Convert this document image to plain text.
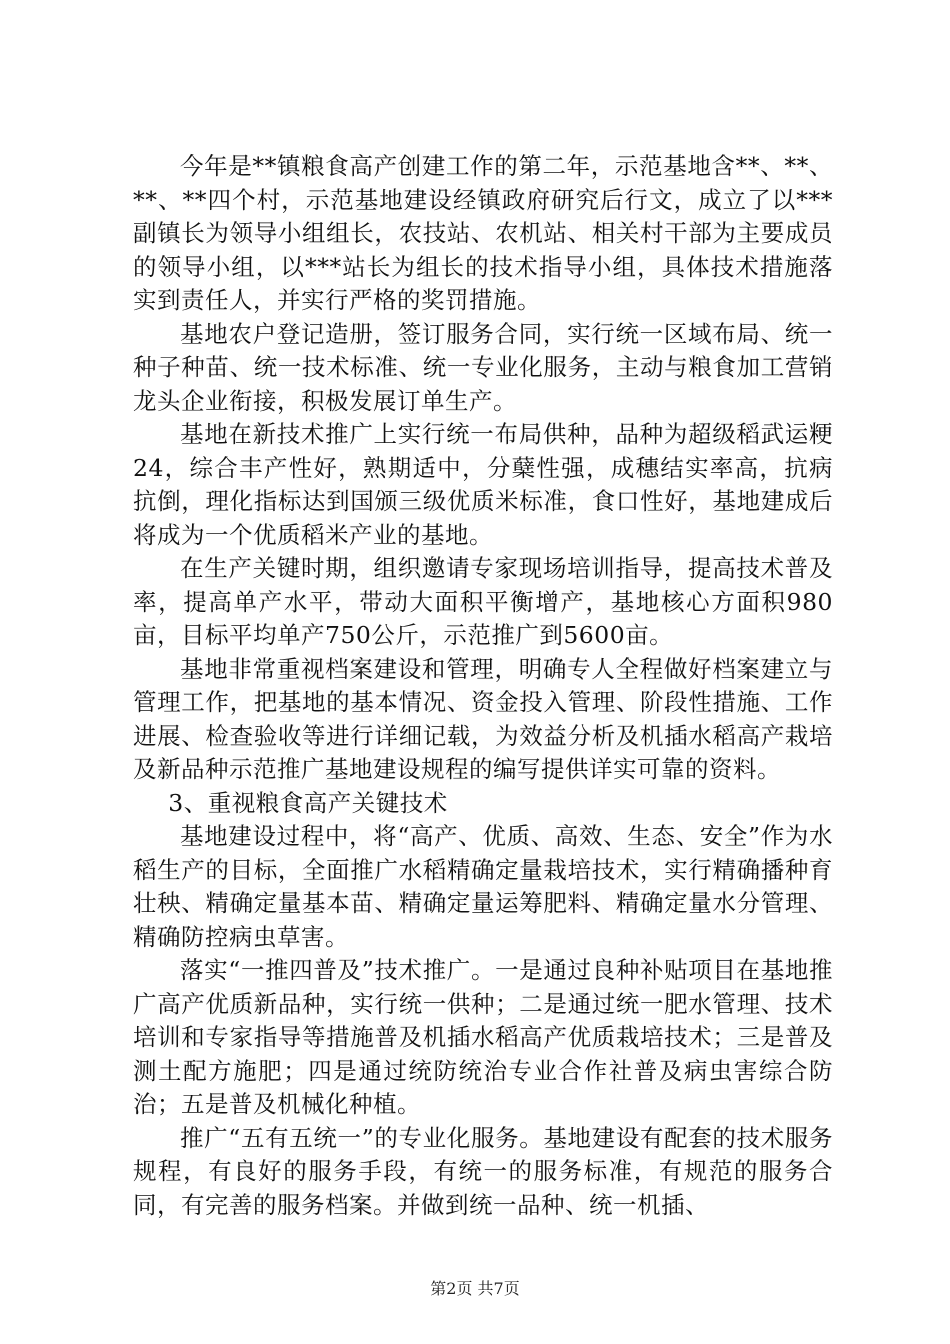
今年是**镇粮食高产创建工作的第二年，示范基地含**、**、**、**四个村，示范基地建设经镇政府研究后行文，成立了以***副镇长为领导小组组长，农技站、农机站、相关村干部为主要成员的领导小组，以***站长为组长的技术指导小组，具体技术措施落实到责任人，并实行严格的奖罚措施。

基地农户登记造册，签订服务合同，实行统一区域布局、统一种子种苗、统一技术标准、统一专业化服务，主动与粮食加工营销龙头企业衔接，积极发展订单生产。

基地在新技术推广上实行统一布局供种，品种为超级稻武运粳24，综合丰产性好，熟期适中，分蘖性强，成穗结实率高，抗病抗倒，理化指标达到国颁三级优质米标准，食口性好，基地建成后将成为一个优质稻米产业的基地。

在生产关键时期，组织邀请专家现场培训指导，提高技术普及率，提高单产水平，带动大面积平衡增产，基地核心方面积980亩，目标平均单产750公斤，示范推广到5600亩。

基地非常重视档案建设和管理，明确专人全程做好档案建立与管理工作，把基地的基本情况、资金投入管理、阶段性措施、工作进展、检查验收等进行详细记载，为效益分析及机插水稻高产栽培及新品种示范推广基地建设规程的编写提供详实可靠的资料。

3、重视粮食高产关键技术

基地建设过程中，将“高产、优质、高效、生态、安全”作为水稻生产的目标，全面推广水稻精确定量栽培技术，实行精确播种育壮秧、精确定量基本苗、精确定量运筹肥料、精确定量水分管理、精确防控病虫草害。

落实“一推四普及”技术推广。一是通过良种补贴项目在基地推广高产优质新品种，实行统一供种；二是通过统一肥水管理、技术培训和专家指导等措施普及机插水稻高产优质栽培技术；三是普及测土配方施肥；四是通过统防统治专业合作社普及病虫害综合防治；五是普及机械化种植。

推广“五有五统一”的专业化服务。基地建设有配套的技术服务规程，有良好的服务手段，有统一的服务标准，有规范的服务合同，有完善的服务档案。并做到统一品种、统一机插、

第2页 共7页
